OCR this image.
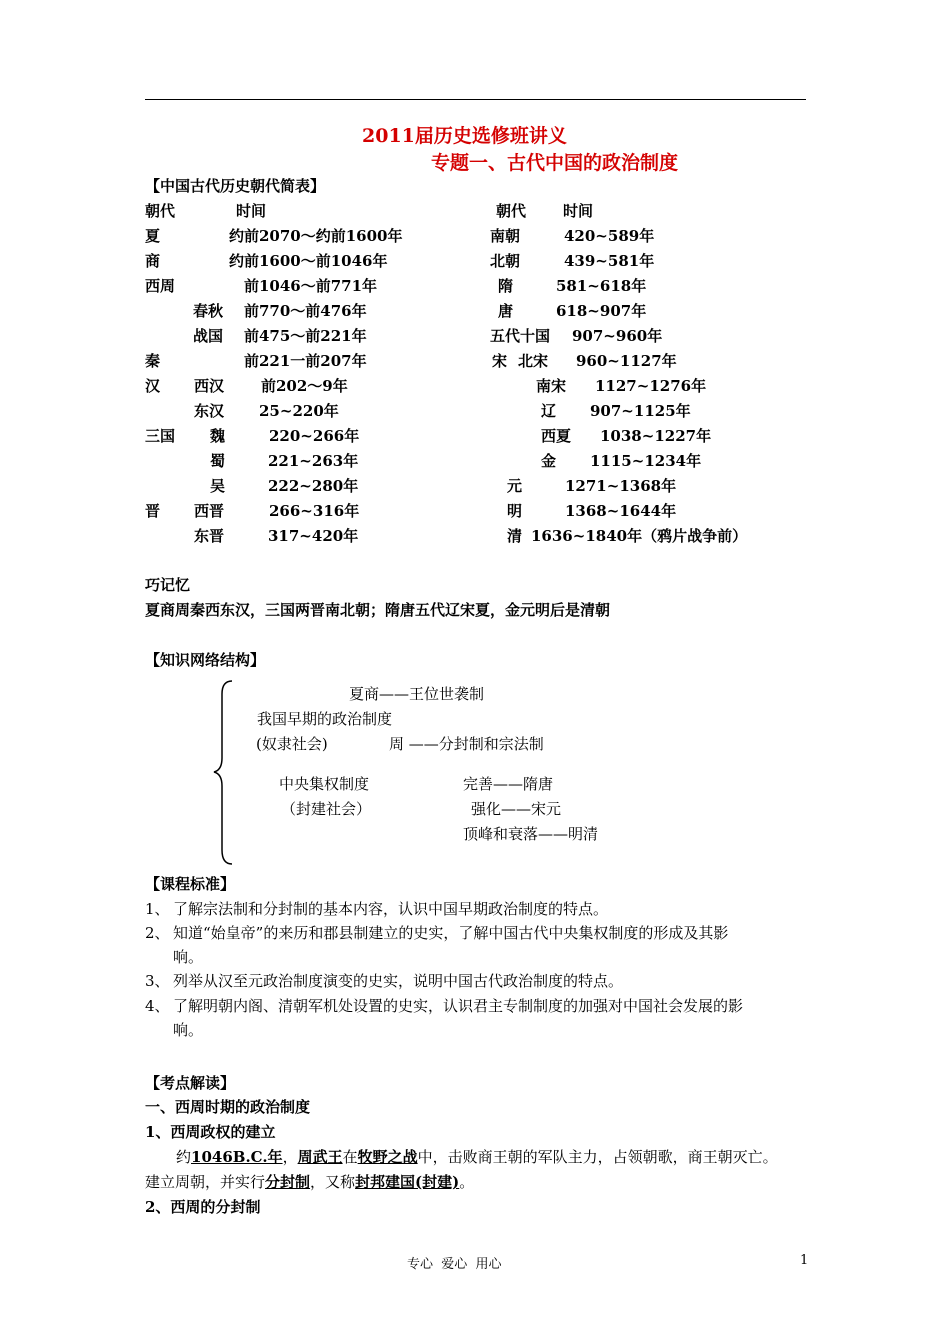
2011届历史选修班讲义
专题一、古代中国的政治制度
【中国古代历史朝代简表】
朝代	时间	朝代 时间
夏	约前2070～约前1600年
商	约前1600～前1046年
西周	前1046～前771年
春秋 前770～前476年
战国 前475～前221年
秦	前221一前207年
汉 西汉 前202～9年
东汉 25~220年
三国 魏	220~266年
蜀	221~263年
吴	222~280年
晋 西晋	266~316年
东晋	317~420年
南朝	420~589年
北朝	439~581年
隋	581~618年
唐	618~907年
五代十国 907~960年
宋 北宋 960~1127年
南宋 1127~1276年
辽 907~1125年
西夏 1038~1227年
金 1115~1234年
元	1271~1368年
明	1368~1644年
清 1636~1840年（鸦片战争前）
巧记忆
夏商周秦西东汉，三国两晋南北朝；隋唐五代辽宋夏，金元明后是清朝
【知识网络结构】
夏商——王位世袭制
我国早期的政治制度
(奴隶社会)	周 ——分封制和宗法制
中央集权制度	完善——隋唐
（封建社会）	强化——宋元
顶峰和衰落——明清
【课程标准】
1、 了解宗法制和分封制的基本内容，认识中国早期政治制度的特点。
2、 知道“始皇帝”的来历和郡县制建立的史实，了解中国古代中央集权制度的形成及其影
响。
3、 列举从汉至元政治制度演变的史实，说明中国古代政治制度的特点。
4、 了解明朝内阁、清朝军机处设置的史实，认识君主专制制度的加强对中国社会发展的影
响。
【考点解读】
一、西周时期的政治制度
1、西周政权的建立
约1046B.C.年，周武王在牧野之战中，击败商王朝的军队主力，占领朝歌，商王朝灭亡。
建立周朝，并实行分封制，又称封邦建国(封建)。
2、西周的分封制
专心  爱心  用心	1
